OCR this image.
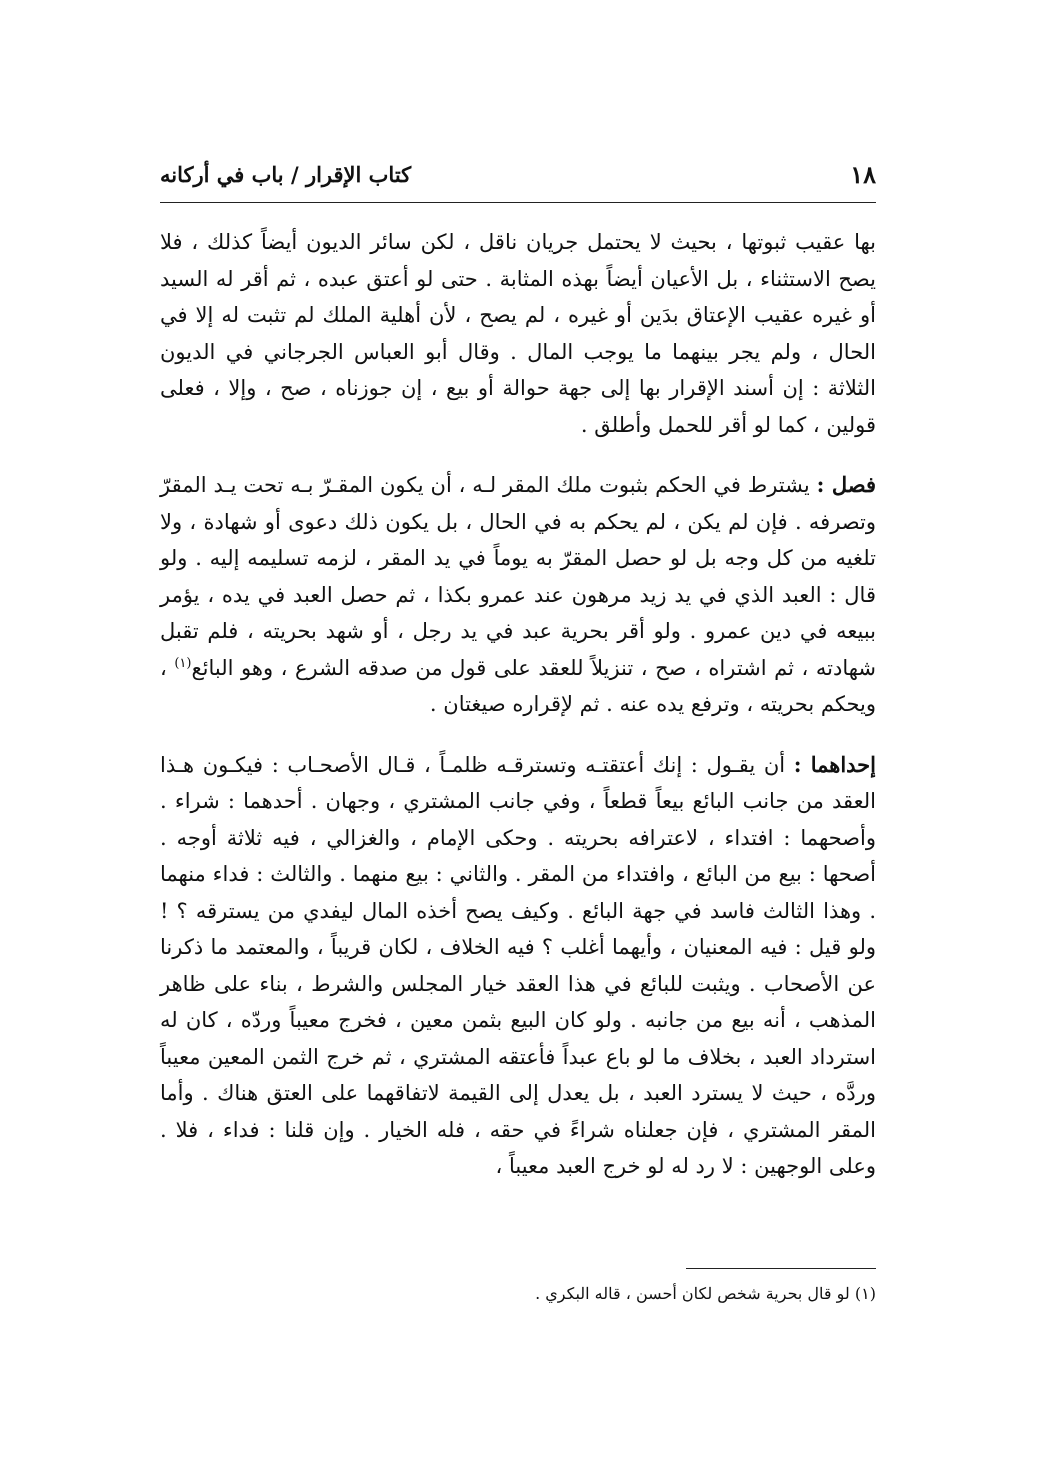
١٨
كتاب الإقرار / باب في أركانه

بها عقيب ثبوتها ، بحيث لا يحتمل جريان ناقل ، لكن سائر الديون أيضاً كذلك ، فلا يصح الاستثناء ، بل الأعيان أيضاً بهذه المثابة . حتى لو أعتق عبده ، ثم أقر له السيد أو غيره عقيب الإعتاق بدَين أو غيره ، لم يصح ، لأن أهلية الملك لم تثبت له إلا في الحال ، ولم يجر بينهما ما يوجب المال . وقال أبو العباس الجرجاني في الديون الثلاثة : إن أسند الإقرار بها إلى جهة حوالة أو بيع ، إن جوزناه ، صح ، وإلا ، فعلى قولين ، كما لو أقر للحمل وأطلق .

فصل : يشترط في الحكم بثبوت ملك المقر لـه ، أن يكون المقـرّ بـه تحت يـد المقرّ وتصرفه . فإن لم يكن ، لم يحكم به في الحال ، بل يكون ذلك دعوى أو شهادة ، ولا تلغيه من كل وجه بل لو حصل المقرّ به يوماً في يد المقر ، لزمه تسليمه إليه . ولو قال : العبد الذي في يد زيد مرهون عند عمرو بكذا ، ثم حصل العبد في يده ، يؤمر ببيعه في دين عمرو . ولو أقر بحرية عبد في يد رجل ، أو شهد بحريته ، فلم تقبل شهادته ، ثم اشتراه ، صح ، تنزيلاً للعقد على قول من صدقه الشرع ، وهو البائع$^{(١)}$ ، ويحكم بحريته ، وترفع يده عنه . ثم لإقراره صيغتان .

إحداهما : أن يقـول : إنك أعتقتـه وتسترقـه ظلمـاً ، قـال الأصحـاب : فيكـون هـذا العقد من جانب البائع بيعاً قطعاً ، وفي جانب المشتري ، وجهان . أحدهما : شراء . وأصحهما : افتداء ، لاعترافه بحريته . وحكى الإمام ، والغزالي ، فيه ثلاثة أوجه . أصحها : بيع من البائع ، وافتداء من المقر . والثاني : بيع منهما . والثالث : فداء منهما . وهذا الثالث فاسد في جهة البائع . وكيف يصح أخذه المال ليفدي من يسترقه ؟ ! ولو قيل : فيه المعنيان ، وأيهما أغلب ؟ فيه الخلاف ، لكان قريباً ، والمعتمد ما ذكرنا عن الأصحاب . ويثبت للبائع في هذا العقد خيار المجلس والشرط ، بناء على ظاهر المذهب ، أنه بيع من جانبه . ولو كان البيع بثمن معين ، فخرج معيباً وردّه ، كان له استرداد العبد ، بخلاف ما لو باع عبداً فأعتقه المشتري ، ثم خرج الثمن المعين معيباً وردَّه ، حيث لا يسترد العبد ، بل يعدل إلى القيمة لاتفاقهما على العتق هناك . وأما المقر المشتري ، فإن جعلناه شراءً في حقه ، فله الخيار . وإن قلنا : فداء ، فلا . وعلى الوجهين : لا رد له لو خرج العبد معيباً ،

(١) لو قال بحرية شخص لكان أحسن ، قاله البكري .
